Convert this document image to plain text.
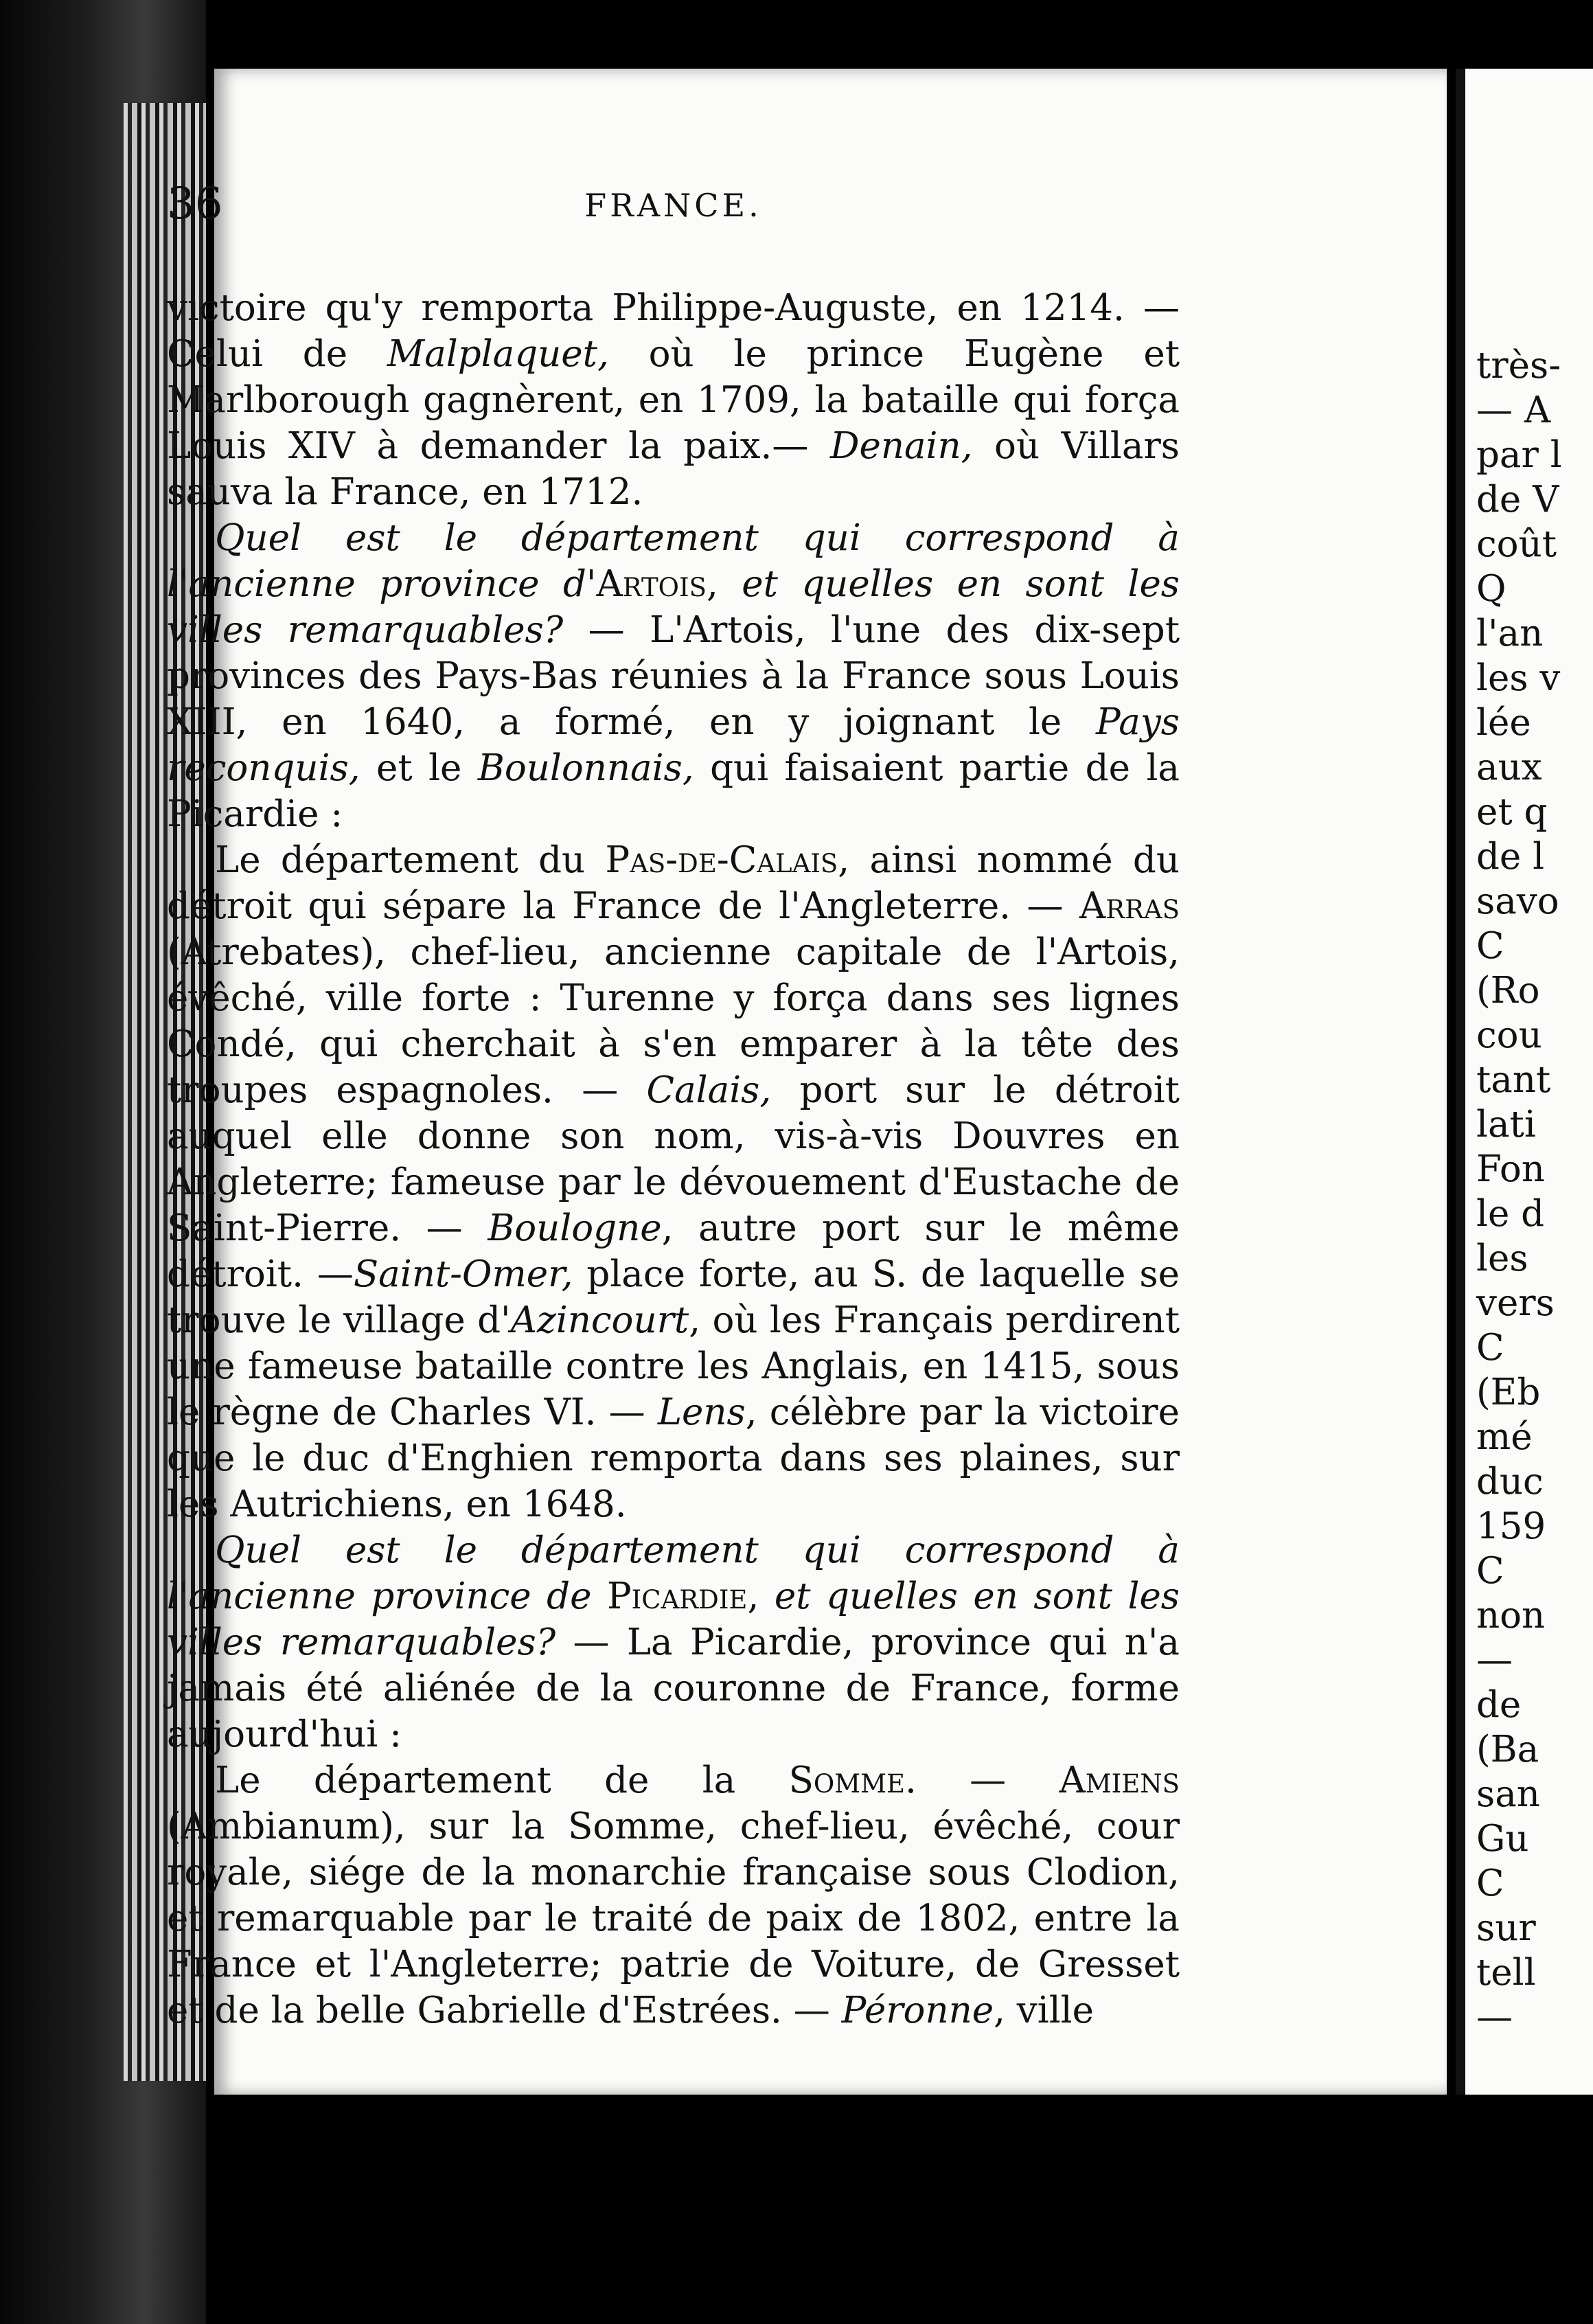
36	FRANCE.

victoire qu'y remporta Philippe-Auguste, en 1214. — Celui de Malplaquet, où le prince Eugène et Marlborough gagnèrent, en 1709, la bataille qui força Louis XIV à demander la paix.— Denain, où Villars sauva la France, en 1712.

Quel est le département qui correspond à l'ancienne province d'Artois, et quelles en sont les villes remarquables? — L'Artois, l'une des dix-sept provinces des Pays-Bas réunies à la France sous Louis XIII, en 1640, a formé, en y joignant le Pays reconquis, et le Boulonnais, qui faisaient partie de la Picardie :

Le département du Pas-de-Calais, ainsi nommé du détroit qui sépare la France de l'Angleterre. — Arras (Atrebates), chef-lieu, ancienne capitale de l'Artois, évêché, ville forte : Turenne y força dans ses lignes Condé, qui cherchait à s'en emparer à la tête des troupes espagnoles. — Calais, port sur le détroit auquel elle donne son nom, vis-à-vis Douvres en Angleterre; fameuse par le dévouement d'Eustache de Saint-Pierre. — Boulogne, autre port sur le même détroit. —Saint-Omer, place forte, au S. de laquelle se trouve le village d'Azincourt, où les Français perdirent une fameuse bataille contre les Anglais, en 1415, sous le règne de Charles VI. — Lens, célèbre par la victoire que le duc d'Enghien remporta dans ses plaines, sur les Autrichiens, en 1648.

Quel est le département qui correspond à l'ancienne province de Picardie, et quelles en sont les villes remarquables? — La Picardie, province qui n'a jamais été aliénée de la couronne de France, forme aujourd'hui :

Le département de la Somme. — Amiens (Ambianum), sur la Somme, chef-lieu, évêché, cour royale, siége de la monarchie française sous Clodion, et remarquable par le traité de paix de 1802, entre la France et l'Angleterre; patrie de Voiture, de Gresset et de la belle Gabrielle d'Estrées. — Péronne, ville

très-
— A
par l
de V
coût
Q
l'an
les v
lée
aux
et q
de l
savo
C
(Ro
cou
tant
lati
Fon
le d
les
vers
C
(Eb
mé
duc
159
C
non
—
de
(Ba
san
Gu
C
sur
tell
—
